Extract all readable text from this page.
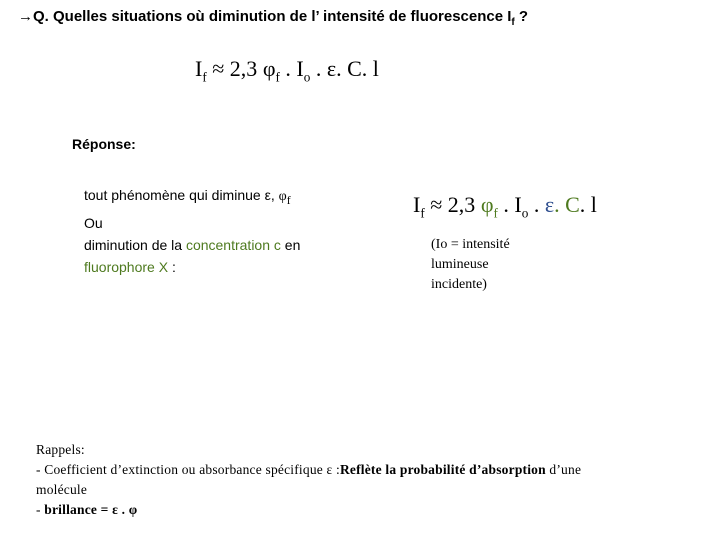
→Q. Quelles situations où diminution de l’ intensité de fluorescence $I_f$ ?
$I_f \approx 2,3$ $\varphi_f$ . $I_o$ . ε. C. l
Réponse:
tout phénomène qui diminue ε, $\varphi_f$
Ou
diminution de la concentration c en
fluorophore X :
$I_f \approx 2,3$ $\varphi_f$ . $I_o$ . ε. C. l
(Io = intensité
lumineuse
incidente)
Rappels:
- Coefficient d’extinction ou absorbance spécifique ε :Reflète la probabilité d’absorption d’une
molécule
- brillance = ε . φ
